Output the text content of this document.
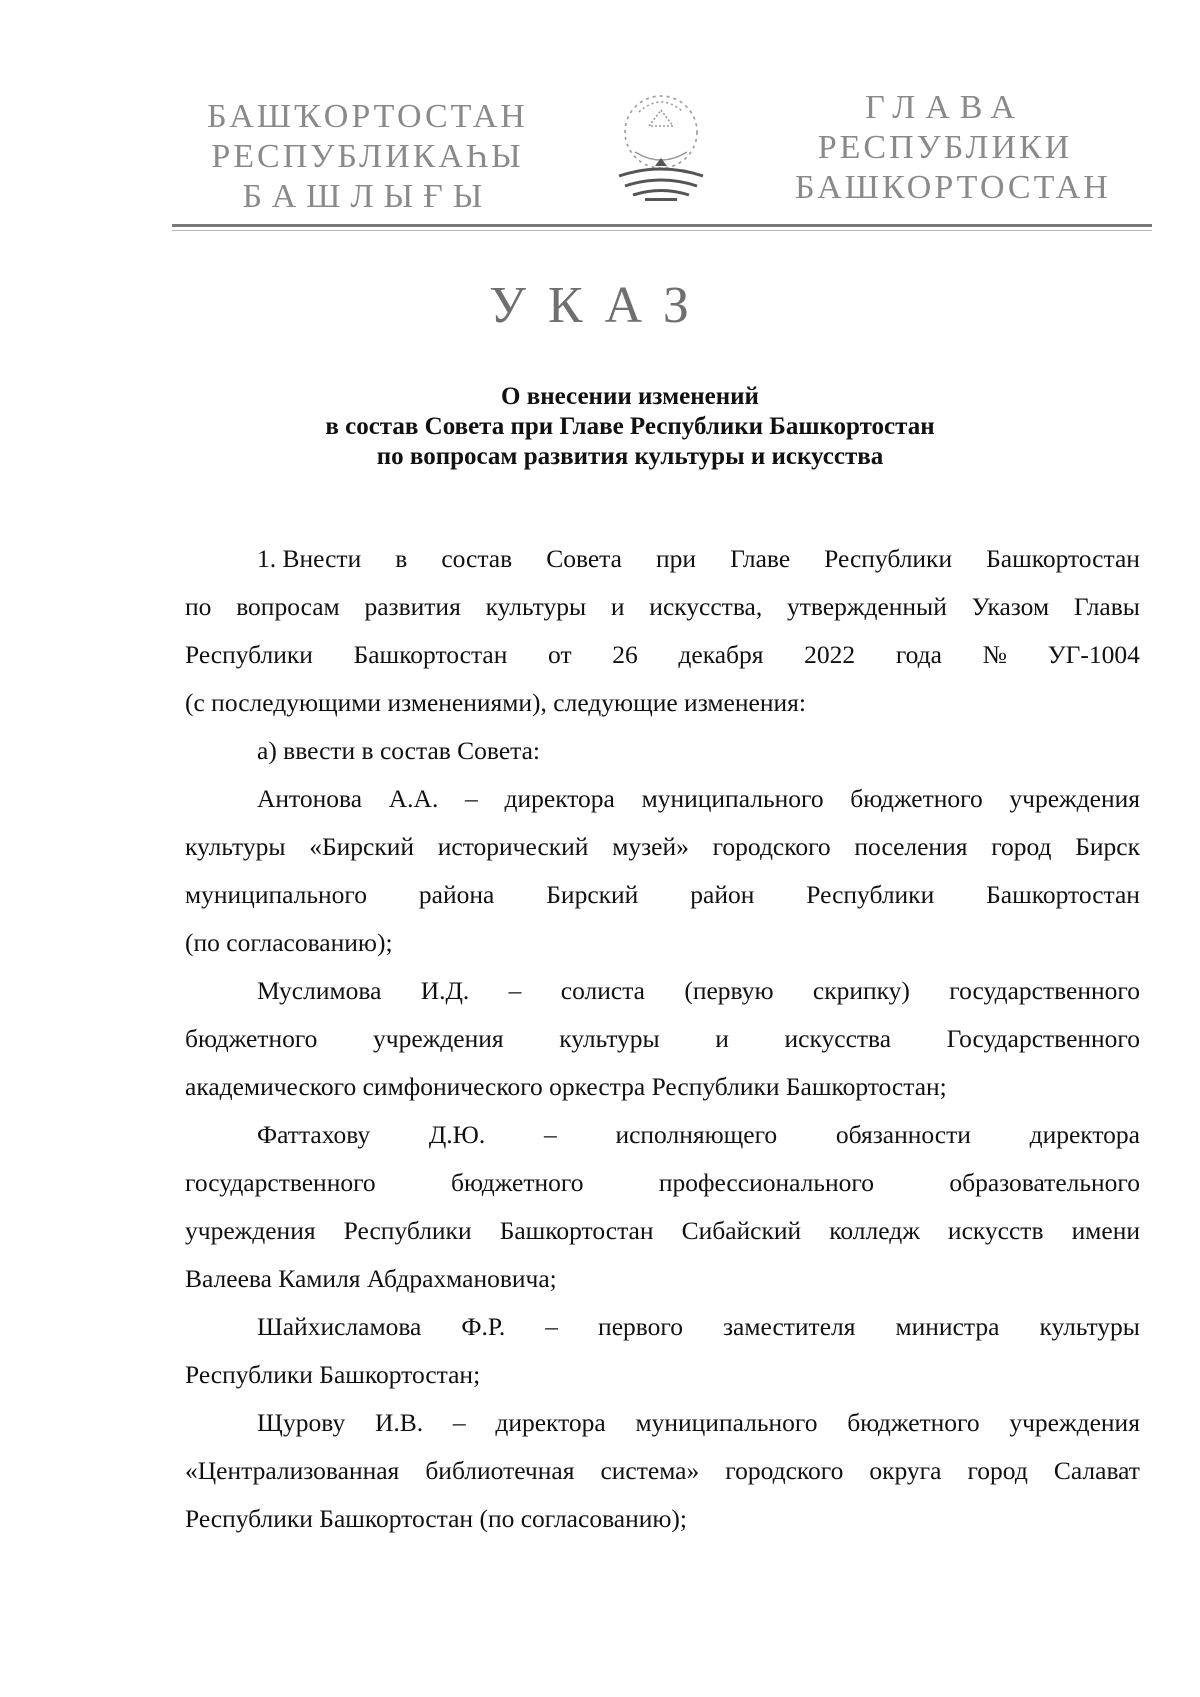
БАШҠОРТОСТАН
РЕСПУБЛИКАҺЫ
БАШЛЫҒЫ
ГЛАВА
РЕСПУБЛИКИ
БАШКОРТОСТАН
УКАЗ
О внесении изменений
в состав Совета при Главе Республики Башкортостан
по вопросам развития культуры и искусства
1. Внести в состав Совета при Главе Республики Башкортостан
по вопросам развития культуры и искусства, утвержденный Указом Главы
Республики Башкортостан от 26 декабря 2022 года № УГ-1004
(с последующими изменениями), следующие изменения:
а) ввести в состав Совета:
Антонова А.А. – директора муниципального бюджетного учреждения
культуры «Бирский исторический музей» городского поселения город Бирск
муниципального района Бирский район Республики Башкортостан
(по согласованию);
Муслимова И.Д. – солиста (первую скрипку) государственного
бюджетного учреждения культуры и искусства Государственного
академического симфонического оркестра Республики Башкортостан;
Фаттахову Д.Ю. – исполняющего обязанности директора
государственного	бюджетного	профессионального	образовательного
учреждения Республики Башкортостан Сибайский колледж искусств имени
Валеева Камиля Абдрахмановича;
Шайхисламова Ф.Р. – первого заместителя министра культуры
Республики Башкортостан;
Щурову И.В. – директора муниципального бюджетного учреждения
«Централизованная библиотечная система» городского округа город Салават
Республики Башкортостан (по согласованию);
